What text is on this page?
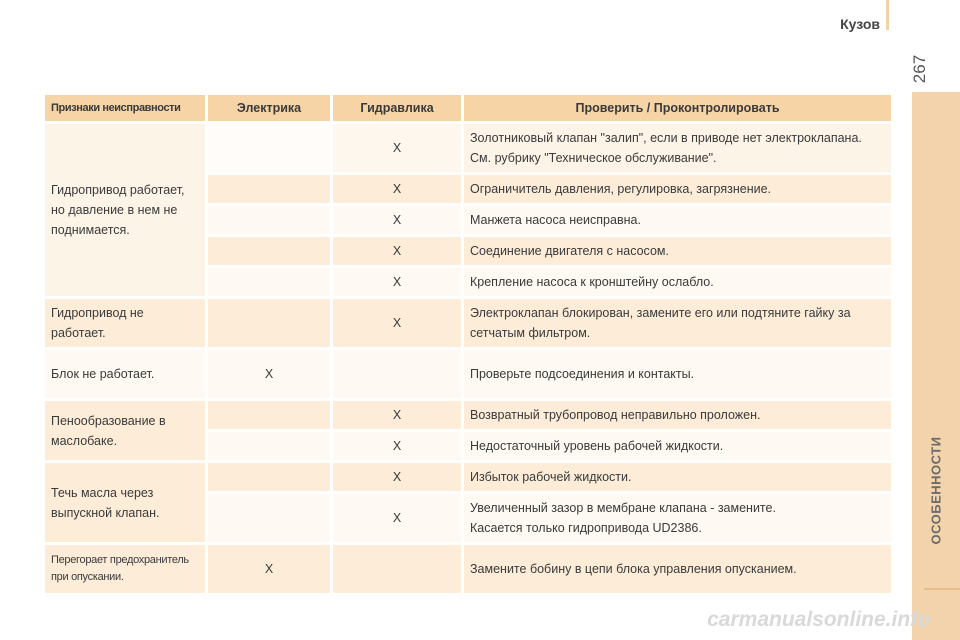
Кузов
267
ОСОБЕННОСТИ
Признаки неисправности	Электрика	Гидравлика	Проверить / Проконтролировать
Гидропривод работает, но давление в нем не поднимается.		X	Золотниковый клапан "залип", если в приводе нет электроклапана.
См. рубрику "Техническое обслуживание".

		X	Ограничитель давления, регулировка, загрязнение.
		X	Манжета насоса неисправна.
		X	Соединение двигателя с насосом.
		X	Крепление насоса к кронштейну ослабло.
Гидропривод не работает.		X	Электроклапан блокирован, замените его или подтяните гайку за сетчатым фильтром.
Блок не работает.	X		Проверьте подсоединения и контакты.
Пенообразование в маслобаке.		X	Возвратный трубопровод неправильно проложен.
		X	Недостаточный уровень рабочей жидкости.
Течь масла через выпускной клапан.		X	Избыток рабочей жидкости.
		X	Увеличенный зазор в мембране клапана - замените.
Касается только гидропривода UD2386.

Перегорает предохранитель при опускании.	X		Замените бобину в цепи блока управления опусканием.
carmanualsonline.info
